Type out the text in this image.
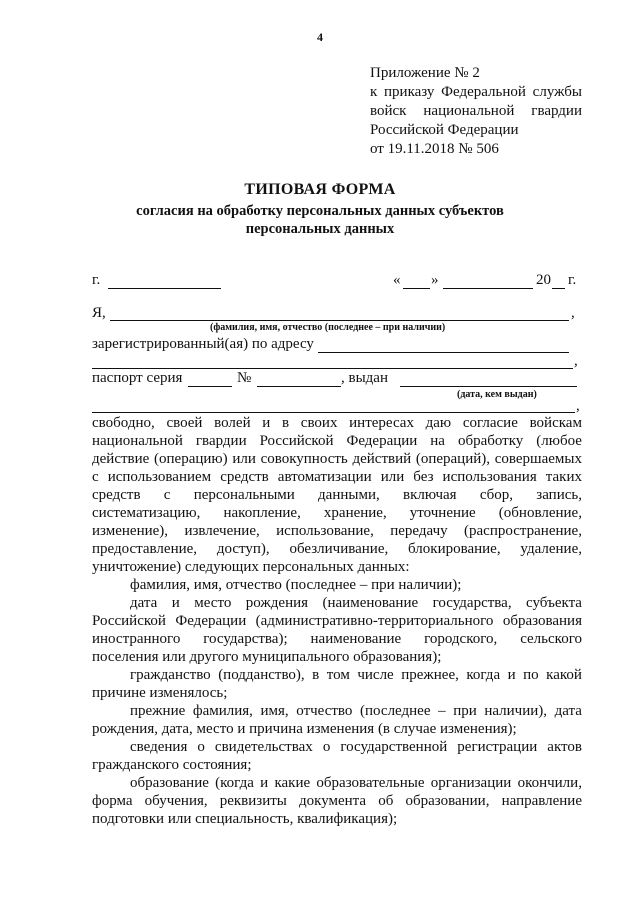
4
Приложение № 2
к приказу Федеральной службы
войск национальной гвардии
Российской Федерации
от 19.11.2018 № 506
ТИПОВАЯ ФОРМА
согласия на обработку персональных данных субъектов
персональных данных
г.	« »	20 г.
Я,	,
(фамилия, имя, отчество (последнее – при наличии)
зарегистрированный(ая) по адресу
,
паспорт серия	№	, выдан
(дата, кем выдан)
,
свободно, своей волей и в своих интересах даю согласие войскам
национальной гвардии Российской Федерации на обработку (любое
действие (операцию) или совокупность действий (операций), совершаемых
с использованием средств автоматизации или без использования таких
средств с персональными данными, включая сбор, запись,
систематизацию, накопление, хранение, уточнение (обновление,
изменение), извлечение, использование, передачу (распространение,
предоставление, доступ), обезличивание, блокирование, удаление,
уничтожение) следующих персональных данных:
фамилия, имя, отчество (последнее – при наличии);
дата и место рождения (наименование государства, субъекта
Российской Федерации (административно-территориального образования
иностранного государства); наименование городского, сельского
поселения или другого муниципального образования);
гражданство (подданство), в том числе прежнее, когда и по какой
причине изменялось;
прежние фамилия, имя, отчество (последнее – при наличии), дата
рождения, дата, место и причина изменения (в случае изменения);
сведения о свидетельствах о государственной регистрации актов
гражданского состояния;
образование (когда и какие образовательные организации окончили,
форма обучения, реквизиты документа об образовании, направление
подготовки или специальность, квалификация);
